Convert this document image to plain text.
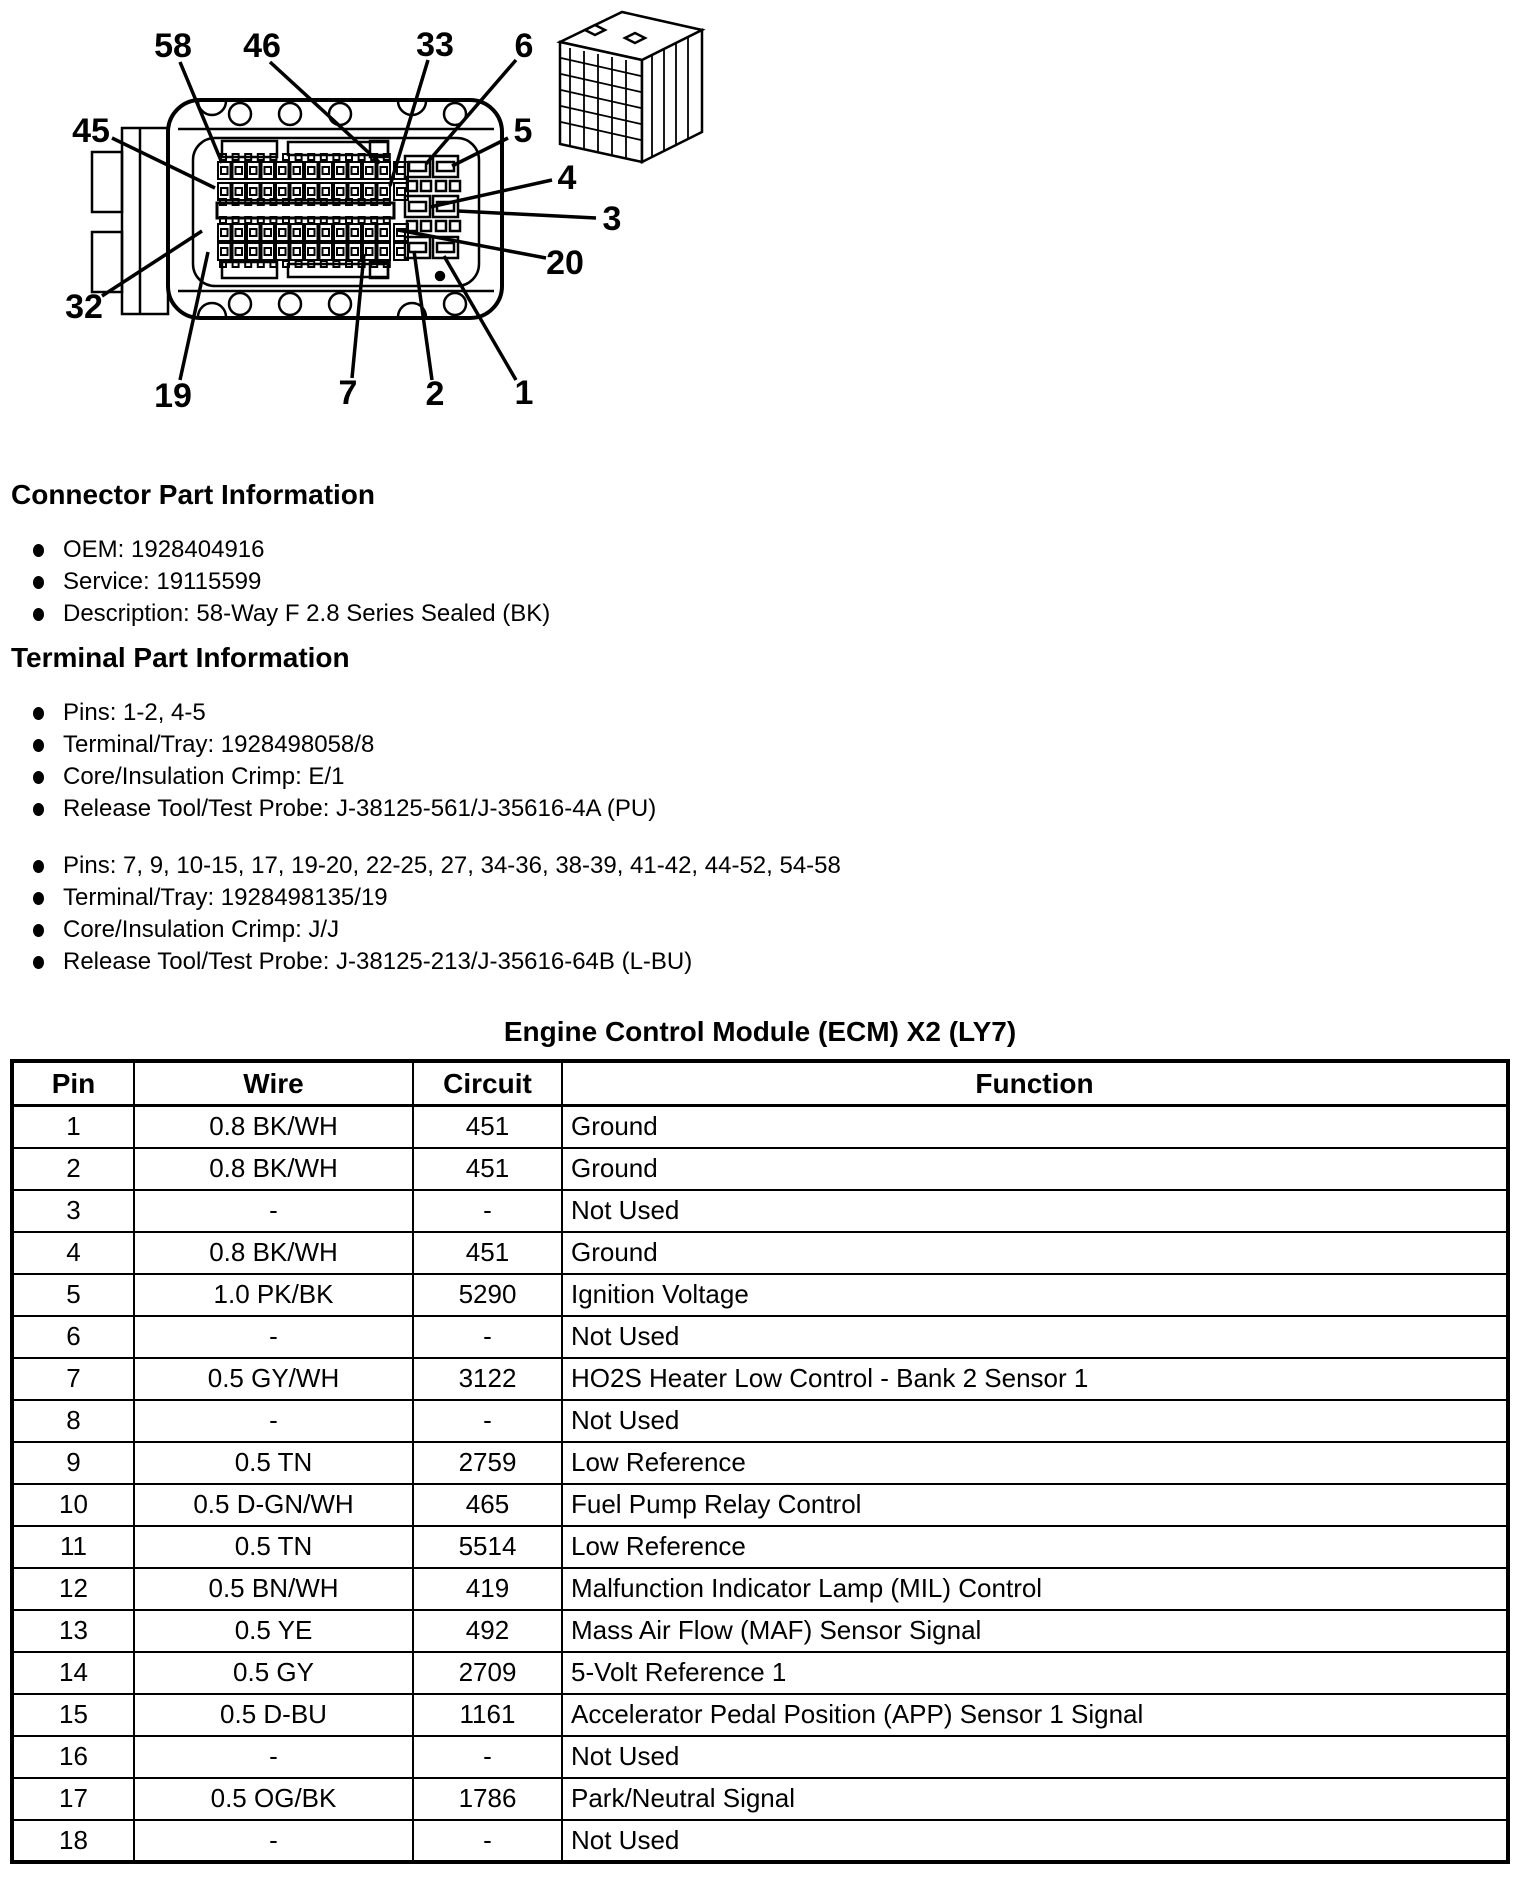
58 46	33 6
45	5
4
3
20
32
19	7 2 1
Connector Part Information
OEM: 1928404916
Service: 19115599
Description: 58-Way F 2.8 Series Sealed (BK)
Terminal Part Information
Pins: 1-2, 4-5
Terminal/Tray: 1928498058/8
Core/Insulation Crimp: E/1
Release Tool/Test Probe: J-38125-561/J-35616-4A (PU)
Pins: 7, 9, 10-15, 17, 19-20, 22-25, 27, 34-36, 38-39, 41-42, 44-52, 54-58
Terminal/Tray: 1928498135/19
Core/Insulation Crimp: J/J
Release Tool/Test Probe: J-38125-213/J-35616-64B (L-BU)
Engine Control Module (ECM) X2 (LY7)
Pin	Wire	Circuit	Function
1	0.8 BK/WH	451	Ground
2	0.8 BK/WH	451	Ground
3	-	-	Not Used
4	0.8 BK/WH	451	Ground
5	1.0 PK/BK	5290	Ignition Voltage
6	-	-	Not Used
7	0.5 GY/WH	3122	HO2S Heater Low Control - Bank 2 Sensor 1
8	-	-	Not Used
9	0.5 TN	2759	Low Reference
10	0.5 D-GN/WH	465	Fuel Pump Relay Control
11	0.5 TN	5514	Low Reference
12	0.5 BN/WH	419	Malfunction Indicator Lamp (MIL) Control
13	0.5 YE	492	Mass Air Flow (MAF) Sensor Signal
14	0.5 GY	2709	5-Volt Reference 1
15	0.5 D-BU	1161	Accelerator Pedal Position (APP) Sensor 1 Signal
16	-	-	Not Used
17	0.5 OG/BK	1786	Park/Neutral Signal
18	-	-	Not Used
